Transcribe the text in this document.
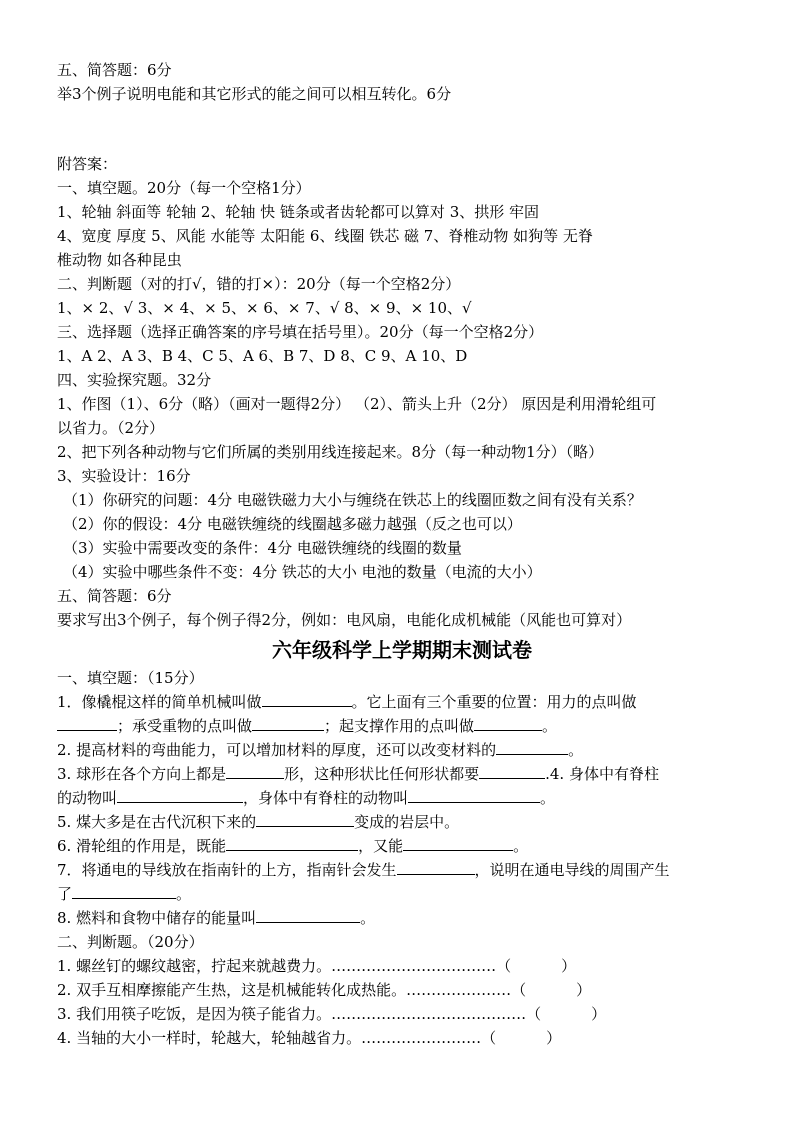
五、简答题：6分
举3个例子说明电能和其它形式的能之间可以相互转化。6分
附答案：
一、填空题。20分（每一个空格1分）
1、轮轴 斜面等 轮轴 2、轮轴 快 链条或者齿轮都可以算对 3、拱形 牢固
4、宽度 厚度 5、风能 水能等 太阳能 6、线圈 铁芯 磁 7、脊椎动物 如狗等 无脊
椎动物 如各种昆虫
二、判断题（对的打√，错的打×）：20分（每一个空格2分）
1、× 2、√ 3、× 4、× 5、× 6、× 7、√ 8、× 9、× 10、√
三、选择题（选择正确答案的序号填在括号里）。20分（每一个空格2分）
1、A 2、A 3、B 4、C 5、A 6、B 7、D 8、C 9、A 10、D
四、实验探究题。32分
1、作图（1）、6分（略）（画对一题得2分） （2）、箭头上升（2分） 原因是利用滑轮组可
以省力。（2分）
2、把下列各种动物与它们所属的类别用线连接起来。8分（每一种动物1分）（略）
3、实验设计：16分
（1）你研究的问题：4分 电磁铁磁力大小与缠绕在铁芯上的线圈匝数之间有没有关系？
（2）你的假设：4分 电磁铁缠绕的线圈越多磁力越强（反之也可以）
（3）实验中需要改变的条件：4分 电磁铁缠绕的线圈的数量
（4）实验中哪些条件不变：4分 铁芯的大小 电池的数量（电流的大小）
五、简答题：6分
要求写出3个例子，每个例子得2分，例如：电风扇，电能化成机械能（风能也可算对）
六年级科学上学期期末测试卷
一、填空题：（15分）
1．像橇棍这样的简单机械叫做	。它上面有三个重要的位置：用力的点叫做
；承受重物的点叫做	；起支撑作用的点叫做	。
2. 提高材料的弯曲能力，可以增加材料的厚度，还可以改变材料的	。
3. 球形在各个方向上都是	形，这种形状比任何形状都要	.4. 身体中有脊柱
的动物叫	，身体中有脊柱的动物叫	。
5. 煤大多是在古代沉积下来的	变成的岩层中。
6. 滑轮组的作用是，既能	，又能	。
7．将通电的导线放在指南针的上方，指南针会发生	，说明在通电导线的周围产生
了	。
8. 燃料和食物中储存的能量叫	。
二、判断题。（20分）
1. 螺丝钉的螺纹越密，拧起来就越费力。……………………………（	）
2. 双手互相摩擦能产生热，这是机械能转化成热能。…………………（	）
3. 我们用筷子吃饭，是因为筷子能省力。…………………………………（	）
4. 当轴的大小一样时，轮越大，轮轴越省力。……………………（	）
